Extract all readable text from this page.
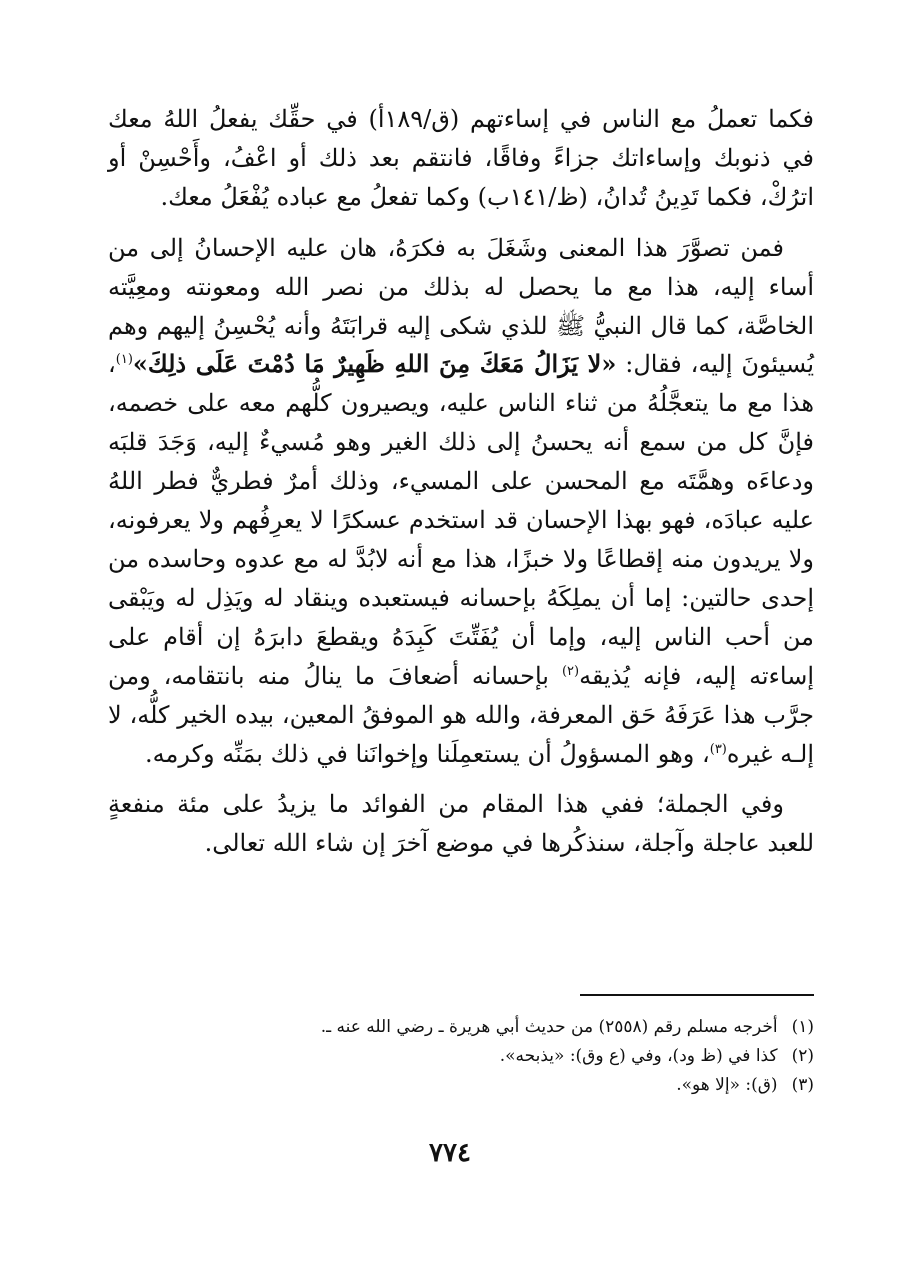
فكما تعملُ مع الناس في إساءتهم (ق/١٨٩أ) في حقِّك يفعلُ اللهُ معك في ذنوبك وإساءاتك جزاءً وفاقًا، فانتقم بعد ذلك أو اعْفُ، وأَحْسِنْ أو اترُكْ، فكما تَدِينُ تُدانُ، (ظ/١٤١ب) وكما تفعلُ مع عباده يُفْعَلُ معك.

فمن تصوَّرَ هذا المعنى وشَغَلَ به فكرَهُ، هان عليه الإحسانُ إلى من أساء إليه، هذا مع ما يحصل له بذلك من نصر الله ومعونته ومعِيَّته الخاصَّة، كما قال النبيُّ ﷺ للذي شكى إليه قرابَتَهُ وأنه يُحْسِنُ إليهم وهم يُسيئونَ إليه، فقال: «لا يَزَالُ مَعَكَ مِنَ اللهِ ظَهِيرٌ مَا دُمْتَ عَلَى ذلِكَ»$^{(١)}$، هذا مع ما يتعجَّلُهُ من ثناء الناس عليه، ويصيرون كلُّهم معه على خصمه، فإنَّ كل من سمع أنه يحسنُ إلى ذلك الغير وهو مُسيءٌ إليه، وَجَدَ قلبَه ودعاءَه وهمَّتَه مع المحسن على المسيء، وذلك أمرٌ فطريٌّ فطر اللهُ عليه عبادَه، فهو بهذا الإحسان قد استخدم عسكرًا لا يعرِفُهم ولا يعرفونه، ولا يريدون منه إقطاعًا ولا خبزًا، هذا مع أنه لابُدَّ له مع عدوه وحاسده من إحدى حالتين: إما أن يملِكَهُ بإحسانه فيستعبده وينقاد له ويَذِل له ويَبْقى من أحب الناس إليه، وإما أن يُفَتِّتَ كَبِدَهُ ويقطعَ دابرَهُ إن أقام على إساءته إليه، فإنه يُذيقه$^{(٢)}$ بإحسانه أضعافَ ما ينالُ منه بانتقامه، ومن جرَّب هذا عَرَفَهُ حَق المعرفة، والله هو الموفقُ المعين، بيده الخير كلُّه، لا إلـه غيره$^{(٣)}$، وهو المسؤولُ أن يستعمِلَنا وإخوانَنا في ذلك بمَنِّه وكرمه.

وفي الجملة؛ ففي هذا المقام من الفوائد ما يزيدُ على مئة منفعةٍ للعبد عاجلة وآجلة، سنذكُرها في موضع آخرَ إن شاء الله تعالى.

(١)أخرجه مسلم رقم (٢٥٥٨) من حديث أبي هريرة ـ رضي الله عنه ـ.

(٢)كذا في (ظ ود)، وفي (ع وق): «يذبحه».

(٣)(ق): «إلا هو».

٧٧٤
